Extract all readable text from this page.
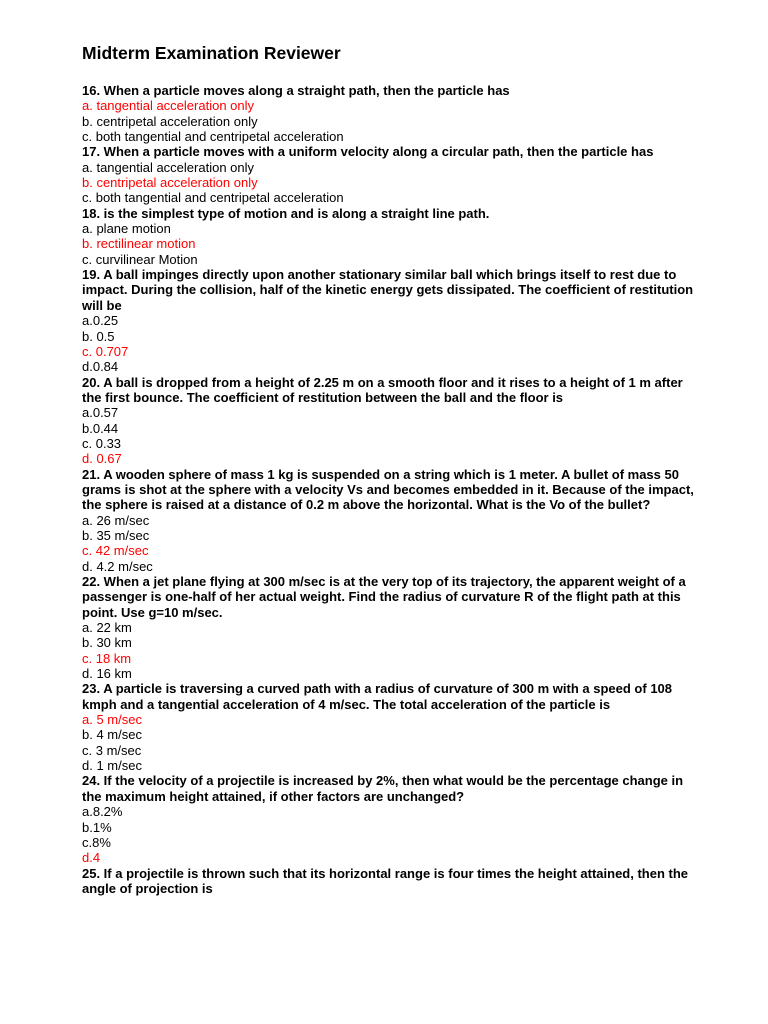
Midterm Examination Reviewer
16. When a particle moves along a straight path, then the particle has
a. tangential acceleration only
b. centripetal acceleration only
c. both tangential and centripetal acceleration
17. When a particle moves with a uniform velocity along a circular path, then the particle has
a. tangential acceleration only
b. centripetal acceleration only
c. both tangential and centripetal acceleration
18. is the simplest type of motion and is along a straight line path.
a. plane motion
b. rectilinear motion
c. curvilinear Motion
19. A ball impinges directly upon another stationary similar ball which brings itself to rest due to impact. During the collision, half of the kinetic energy gets dissipated. The coefficient of restitution will be
a.0.25
b. 0.5
c. 0.707
d.0.84
20. A ball is dropped from a height of 2.25 m on a smooth floor and it rises to a height of 1 m after the first bounce. The coefficient of restitution between the ball and the floor is
a.0.57
b.0.44
c. 0.33
d. 0.67
21. A wooden sphere of mass 1 kg is suspended on a string which is 1 meter. A bullet of mass 50 grams is shot at the sphere with a velocity Vs and becomes embedded in it. Because of the impact, the sphere is raised at a distance of 0.2 m above the horizontal. What is the Vo of the bullet?
a. 26 m/sec
b. 35 m/sec
c. 42 m/sec
d. 4.2 m/sec
22. When a jet plane flying at 300 m/sec is at the very top of its trajectory, the apparent weight of a passenger is one-half of her actual weight. Find the radius of curvature R of the flight path at this point. Use g=10 m/sec.
a. 22 km
b. 30 km
c. 18 km
d. 16 km
23. A particle is traversing a curved path with a radius of curvature of 300 m with a speed of 108 kmph and a tangential acceleration of 4 m/sec. The total acceleration of the particle is
a. 5 m/sec
b. 4 m/sec
c. 3 m/sec
d. 1 m/sec
24. If the velocity of a projectile is increased by 2%, then what would be the percentage change in the maximum height attained, if other factors are unchanged?
a.8.2%
b.1%
c.8%
d.4
25. If a projectile is thrown such that its horizontal range is four times the height attained, then the angle of projection is
